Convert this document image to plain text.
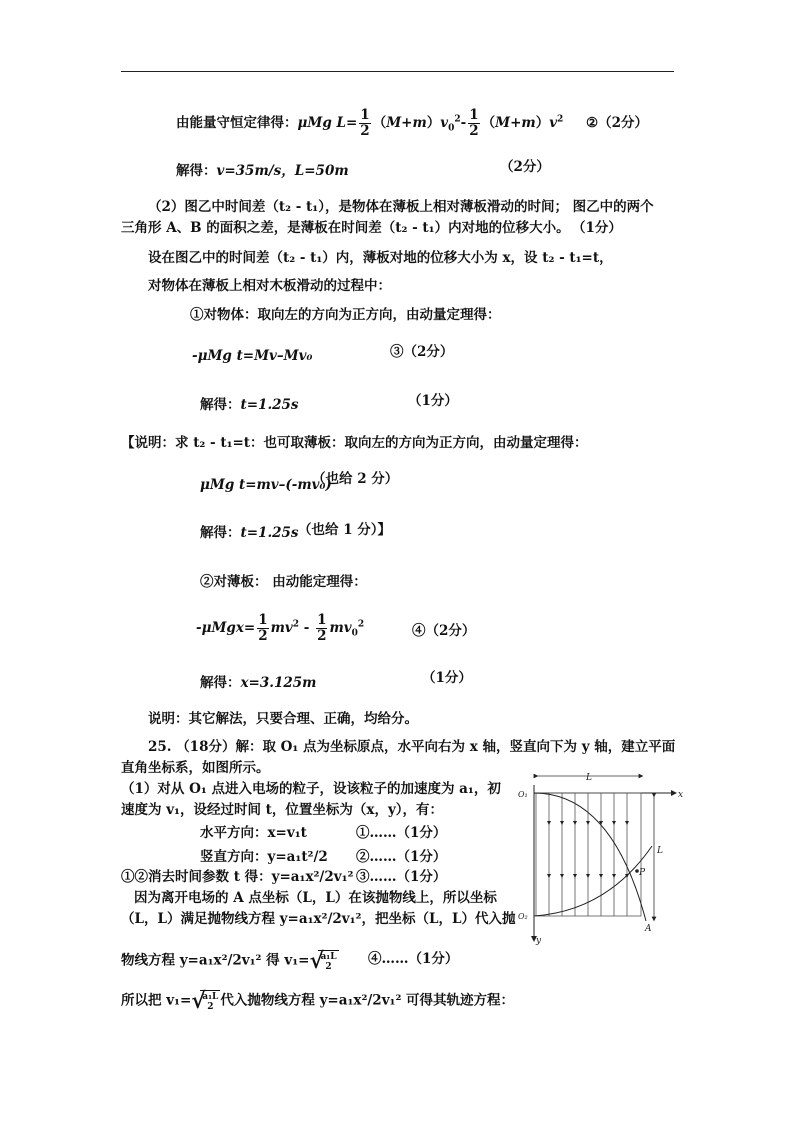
由能量守恒定律得：μMg $L= \frac{1}{2} (M+m)v_0^2- \frac{1}{2} (M+m)v^2$ ②（2分）
解得：v=35m/s，L=50m	（2分）
（2）图乙中时间差（t₂ - t₁），是物体在薄板上相对薄板滑动的时间； 图乙中的两个
三角形 A、B 的面积之差，是薄板在时间差（t₂ - t₁）内对地的位移大小。 （1分）
设在图乙中的时间差（t₂ - t₁）内，薄板对地的位移大小为 x，设 t₂ - t₁=t，
对物体在薄板上相对木板滑动的过程中：
①对物体：取向左的方向为正方向，由动量定理得：
-μMg t=Mv–Mv₀	③（2分）
解得：t=1.25s	（1分）
【说明：求 t₂ - t₁=t：也可取薄板：取向左的方向为正方向，由动量定理得：
μMg t=mv–(-mv₀)
（也给 2 分）
解得：t=1.25s （也给 1 分）】
②对薄板： 由动能定理得：
$-\mu Mgx= \frac{1}{2} mv^2 - \frac{1}{2} mv_0^2$	④（2分）
解得：x=3.125m	（1分）
说明：其它解法，只要合理、正确，均给分。
25. （18分）解：取 O₁ 点为坐标原点，水平向右为 x 轴，竖直向下为 y 轴，建立平面
直角坐标系，如图所示。
（1）对从 O₁ 点进入电场的粒子，设该粒子的加速度为 a₁，初
速度为 v₁，设经过时间 t，位置坐标为（x，y），有：
水平方向：x=v₁t	①……（1分）
竖直方向：y=a₁t²/2 ②……（1分）
①②消去时间参数 t 得：y=a₁x²/2v₁² ③……（1分）
因为离开电场的 A 点坐标（L，L）在该抛物线上，所以坐标
（L，L）满足抛物线方程 y=a₁x²/2v₁²，把坐标（L，L）代入抛
物线方程 y=a₁x²/2v₁² 得 v₁= √
a₁L
2	④……（1分）
所以把 v₁= √
a₁L
2 代入抛物线方程 y=a₁x²/2v₁² 可得其轨迹方程：
L
x
y
O₁
O₂
L
P
A
